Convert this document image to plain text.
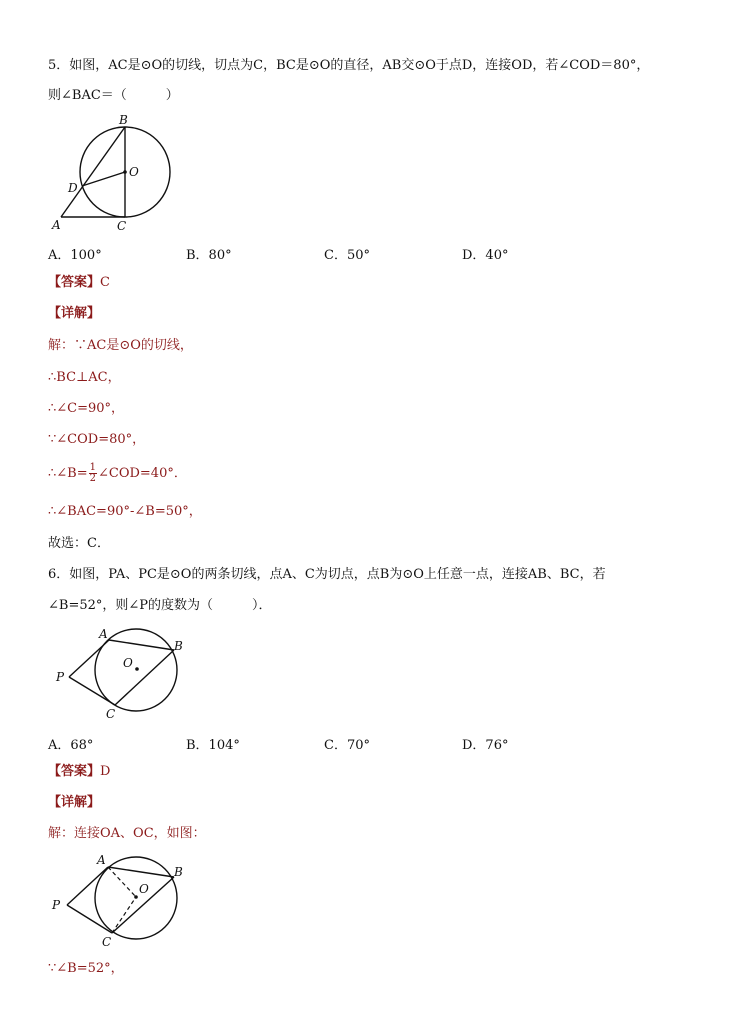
5．如图，AC是⊙O的切线，切点为C，BC是⊙O的直径，AB交⊙O于点D，连接OD，若∠COD＝80°，
则∠BAC＝（　　　）
B
O
D
A	C
A
B
O
P
C
A
B
O
P
C
A．100°	B．80°	C．50°	D．40°
【答案】C
【详解】
解：∵AC是⊙O的切线，
∴BC⊥AC，
∴∠C=90°，
∵∠COD=80°，
∴∠B= $\frac{1}{2}$ ∠COD=40°．
∴∠BAC=90°-∠B=50°，
故选：C．
6．如图，PA、PC是⊙O的两条切线，点A、C为切点，点B为⊙O上任意一点，连接AB、BC，若
∠B=52°，则∠P的度数为（　　　）．
A．68°	B．104°	C．70°	D．76°
【答案】D
【详解】
解：连接OA、OC，如图：
∵∠B=52°，
